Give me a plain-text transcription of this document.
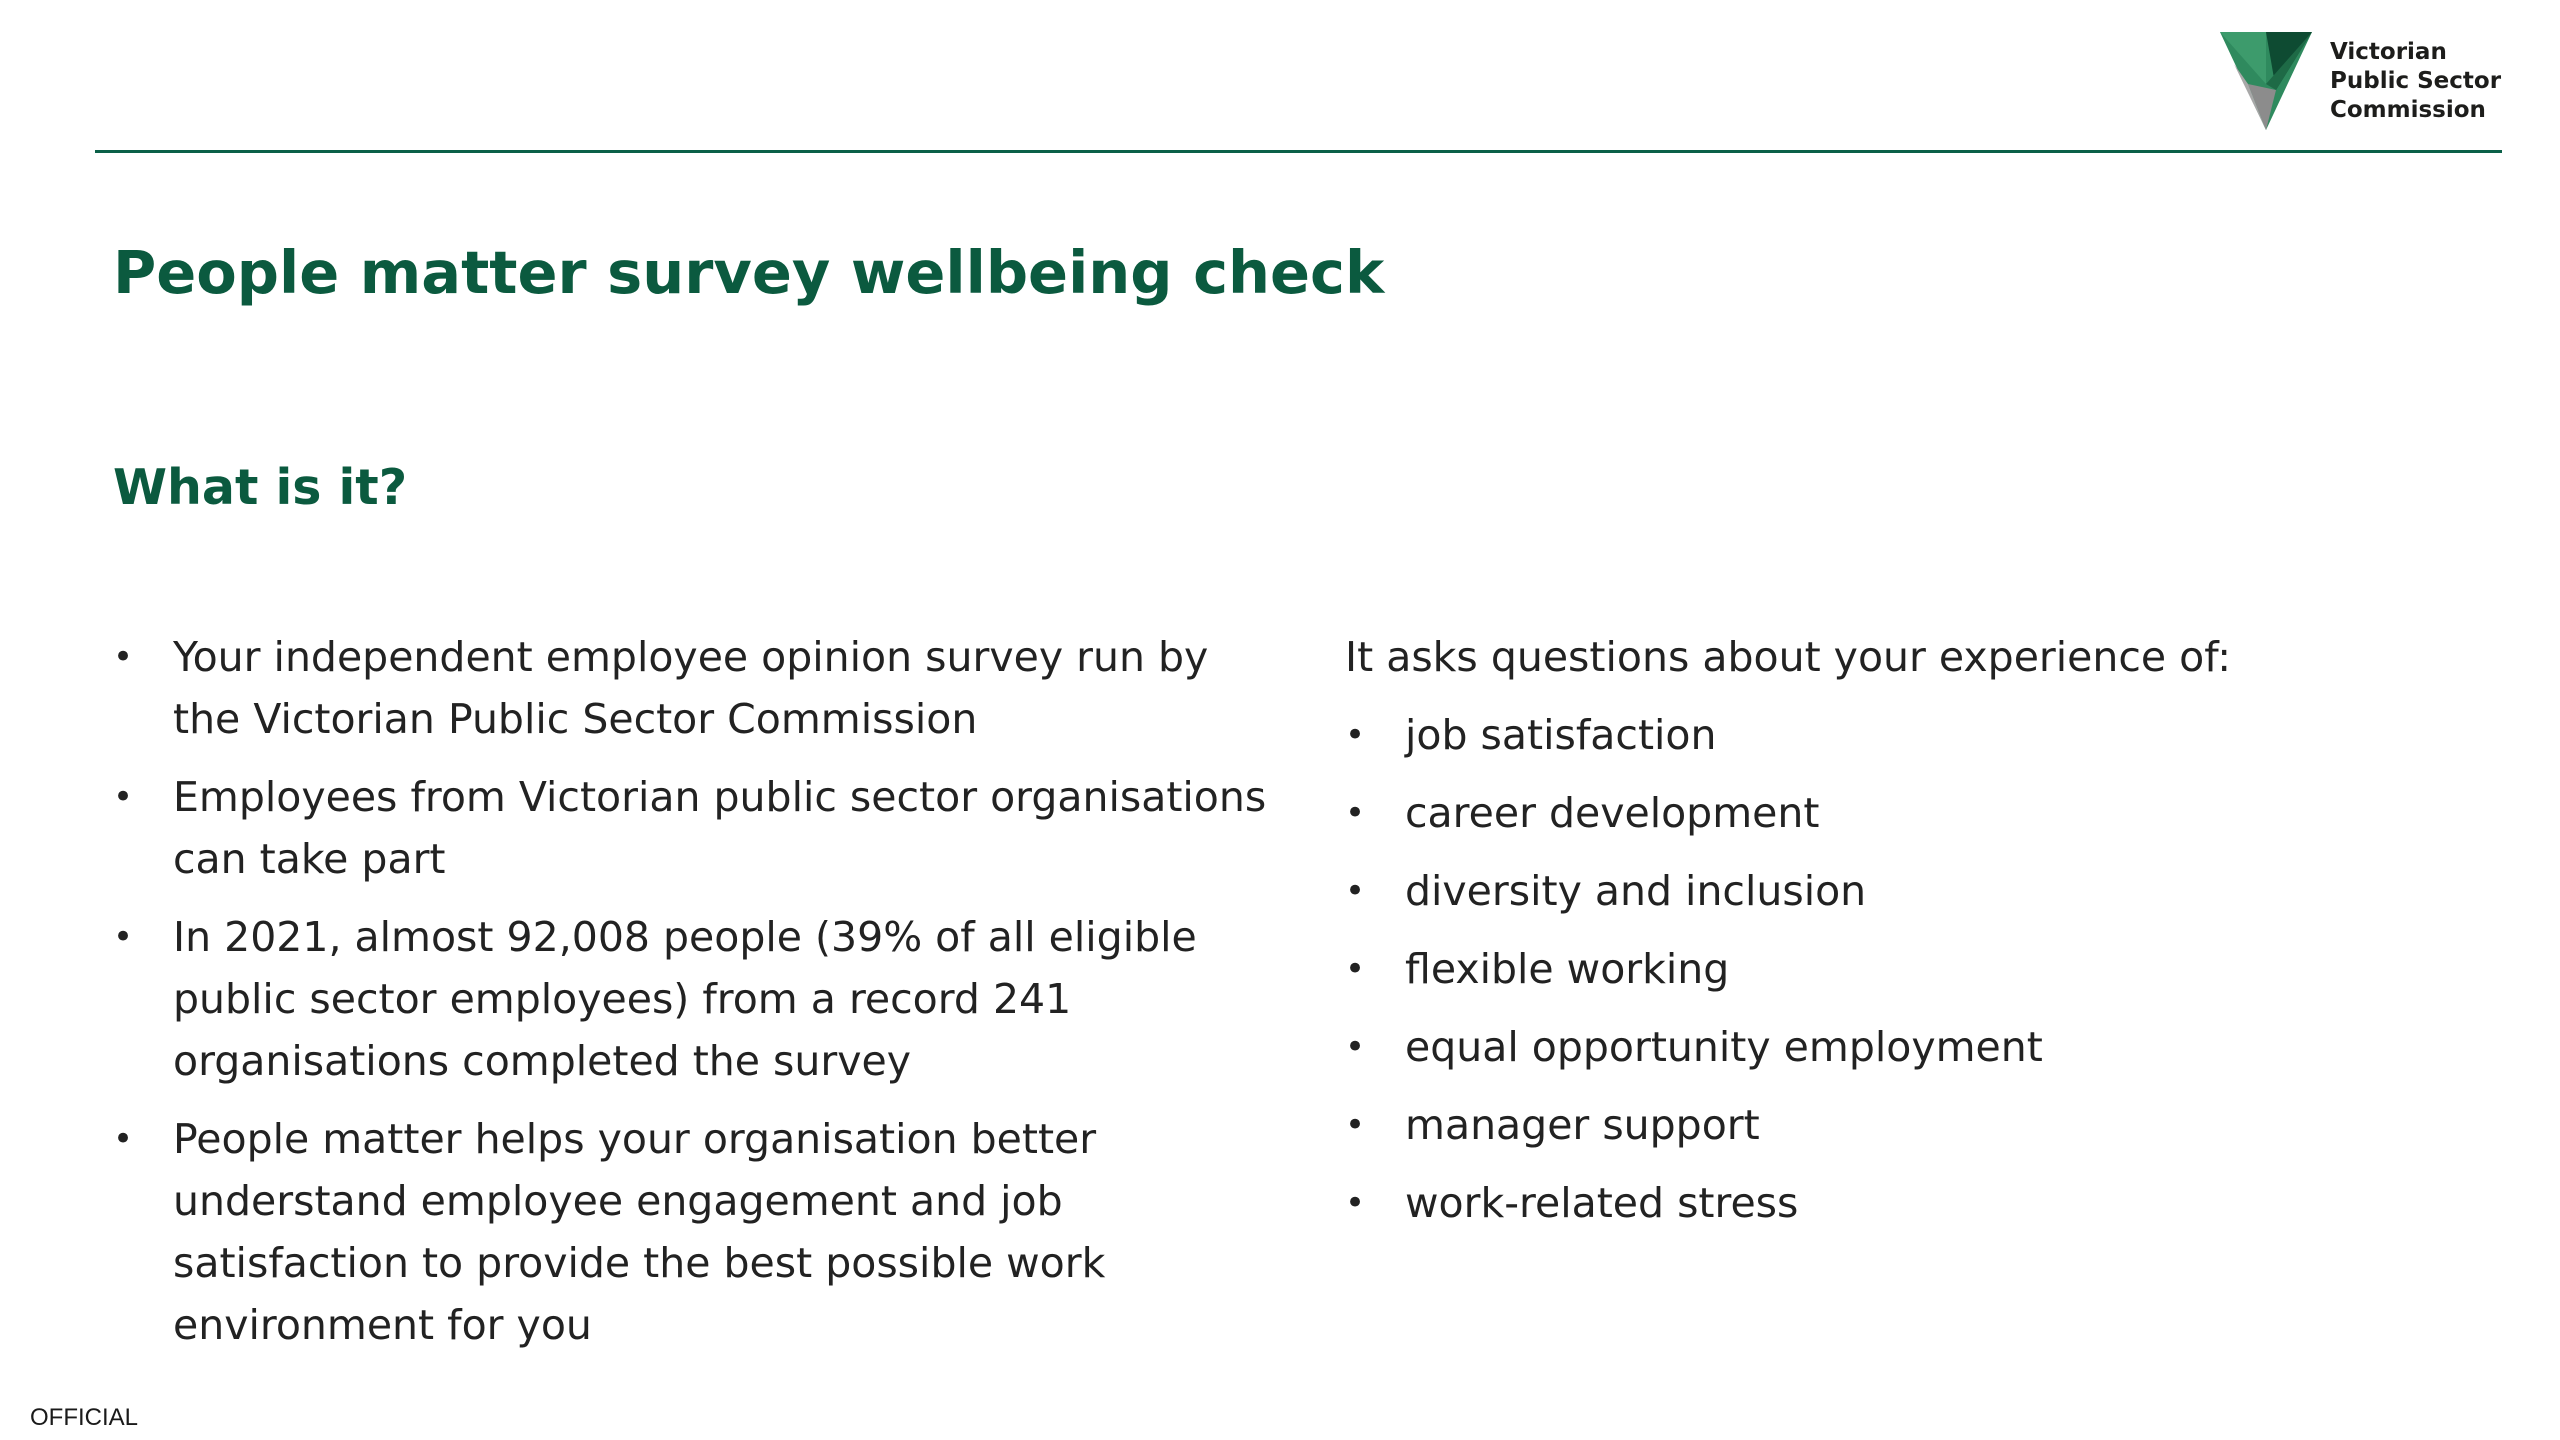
Victorian
Public Sector
Commission
People matter survey wellbeing check
What is it?
• Your independent employee opinion survey run by the Victorian Public Sector Commission
• Employees from Victorian public sector organisations can take part
• In 2021, almost 92,008 people (39% of all eligible public sector employees) from a record 241 organisations completed the survey
• People matter helps your organisation better understand employee engagement and job satisfaction to provide the best possible work environment for you

It asks questions about your experience of:

• job satisfaction
• career development
• diversity and inclusion
• flexible working
• equal opportunity employment
• manager support
• work-related stress
OFFICIAL
